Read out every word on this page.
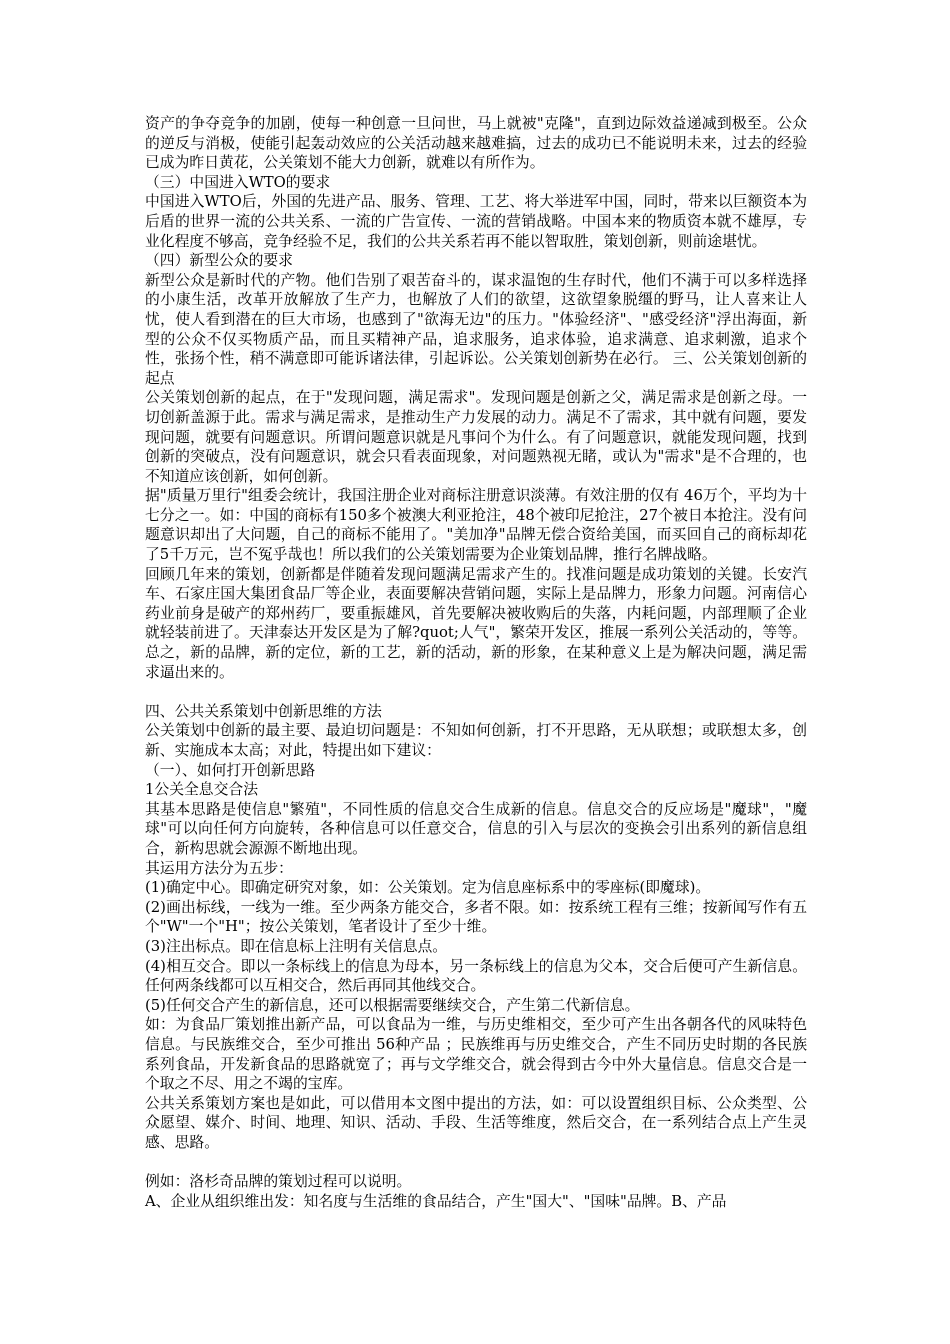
资产的争夺竞争的加剧，使每一种创意一旦问世，马上就被"克隆"，直到边际效益递减到极至。公众的逆反与消极，使能引起轰动效应的公关活动越来越难搞，过去的成功已不能说明未来，过去的经验已成为昨日黄花，公关策划不能大力创新，就难以有所作为。

（三）中国进入WTO的要求

中国进入WTO后，外国的先进产品、服务、管理、工艺、将大举进军中国，同时，带来以巨额资本为后盾的世界一流的公共关系、一流的广告宣传、一流的营销战略。中国本来的物质资本就不雄厚，专业化程度不够高，竞争经验不足，我们的公共关系若再不能以智取胜，策划创新，则前途堪忧。

（四）新型公众的要求

新型公众是新时代的产物。他们告别了艰苦奋斗的，谋求温饱的生存时代，他们不满于可以多样选择的小康生活，改革开放解放了生产力，也解放了人们的欲望，这欲望象脱缰的野马，让人喜来让人忧，使人看到潜在的巨大市场，也感到了"欲海无边"的压力。"体验经济"、"感受经济"浮出海面，新型的公众不仅买物质产品，而且买精神产品，追求服务，追求体验，追求满意、追求刺激，追求个性，张扬个性，稍不满意即可能诉诸法律，引起诉讼。公关策划创新势在必行。 三、公关策划创新的起点

公关策划创新的起点，在于"发现问题，满足需求"。发现问题是创新之父，满足需求是创新之母。一切创新盖源于此。需求与满足需求，是推动生产力发展的动力。满足不了需求，其中就有问题，要发现问题，就要有问题意识。所谓问题意识就是凡事问个为什么。有了问题意识，就能发现问题，找到创新的突破点，没有问题意识，就会只看表面现象，对问题熟视无睹，或认为"需求"是不合理的，也不知道应该创新，如何创新。

据"质量万里行"组委会统计，我国注册企业对商标注册意识淡薄。有效注册的仅有 46万个，平均为十七分之一。如：中国的商标有150多个被澳大利亚抢注，48个被印尼抢注，27个被日本抢注。没有问题意识却出了大问题，自己的商标不能用了。"美加净"品牌无偿合资给美国，而买回自己的商标却花了5千万元，岂不冤乎哉也！所以我们的公关策划需要为企业策划品牌，推行名牌战略。

回顾几年来的策划，创新都是伴随着发现问题满足需求产生的。找准问题是成功策划的关键。长安汽车、石家庄国大集团食品厂等企业，表面要解决营销问题，实际上是品牌力，形象力问题。河南信心药业前身是破产的郑州药厂，要重振雄风，首先要解决被收购后的失落，内耗问题，内部理顺了企业就轻装前进了。天津泰达开发区是为了解?quot;人气"，繁荣开发区，推展一系列公关活动的，等等。总之，新的品牌，新的定位，新的工艺，新的活动，新的形象，在某种意义上是为解决问题，满足需求逼出来的。

四、公共关系策划中创新思维的方法

公关策划中创新的最主要、最迫切问题是：不知如何创新，打不开思路，无从联想；或联想太多，创新、实施成本太高；对此，特提出如下建议：

（一）、如何打开创新思路

1公关全息交合法

其基本思路是使信息"繁殖"，不同性质的信息交合生成新的信息。信息交合的反应场是"魔球"，"魔球"可以向任何方向旋转，各种信息可以任意交合，信息的引入与层次的变换会引出系列的新信息组合，新构思就会源源不断地出现。

其运用方法分为五步：

(1)确定中心。即确定研究对象，如：公关策划。定为信息座标系中的零座标(即魔球)。

(2)画出标线，一线为一维。至少两条方能交合，多者不限。如：按系统工程有三维；按新闻写作有五个"W"一个"H"；按公关策划，笔者设计了至少十维。

(3)注出标点。即在信息标上注明有关信息点。

(4)相互交合。即以一条标线上的信息为母本，另一条标线上的信息为父本，交合后便可产生新信息。任何两条线都可以互相交合，然后再同其他线交合。

(5)任何交合产生的新信息，还可以根据需要继续交合，产生第二代新信息。

如：为食品厂策划推出新产品，可以食品为一维，与历史维相交，至少可产生出各朝各代的风味特色信息。与民族维交合，至少可推出 56种产品 ；民族维再与历史维交合，产生不同历史时期的各民族系列食品，开发新食品的思路就宽了；再与文学维交合，就会得到古今中外大量信息。信息交合是一个取之不尽、用之不竭的宝库。

公共关系策划方案也是如此，可以借用本文图中提出的方法，如：可以设置组织目标、公众类型、公众愿望、媒介、时间、地理、知识、活动、手段、生活等维度，然后交合，在一系列结合点上产生灵感、思路。

例如：洛杉奇品牌的策划过程可以说明。

A、企业从组织维出发：知名度与生活维的食品结合，产生"国大"、"国味"品牌。B、产品
